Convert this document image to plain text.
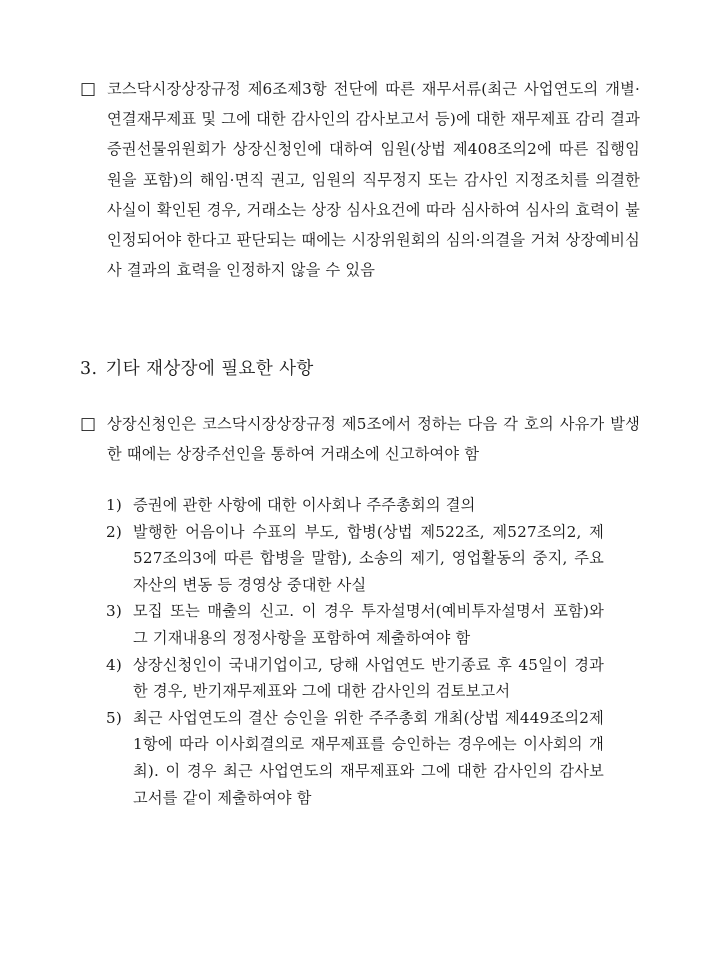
□ 코스닥시장상장규정 제6조제3항 전단에 따른 재무서류(최근 사업연도의 개별·연결재무제표 및 그에 대한 감사인의 감사보고서 등)에 대한 재무제표 감리 결과 증권선물위원회가 상장신청인에 대하여 임원(상법 제408조의2에 따른 집행임원을 포함)의 해임·면직 권고, 임원의 직무정지 또는 감사인 지정조치를 의결한 사실이 확인된 경우, 거래소는 상장 심사요건에 따라 심사하여 심사의 효력이 불인정되어야 한다고 판단되는 때에는 시장위원회의 심의·의결을 거쳐 상장예비심사 결과의 효력을 인정하지 않을 수 있음
3. 기타 재상장에 필요한 사항
□ 상장신청인은 코스닥시장상장규정 제5조에서 정하는 다음 각 호의 사유가 발생한 때에는 상장주선인을 통하여 거래소에 신고하여야 함
1) 증권에 관한 사항에 대한 이사회나 주주총회의 결의
2) 발행한 어음이나 수표의 부도, 합병(상법 제522조, 제527조의2, 제527조의3에 따른 합병을 말함), 소송의 제기, 영업활동의 중지, 주요자산의 변동 등 경영상 중대한 사실
3) 모집 또는 매출의 신고. 이 경우 투자설명서(예비투자설명서 포함)와 그 기재내용의 정정사항을 포함하여 제출하여야 함
4) 상장신청인이 국내기업이고, 당해 사업연도 반기종료 후 45일이 경과한 경우, 반기재무제표와 그에 대한 감사인의 검토보고서
5) 최근 사업연도의 결산 승인을 위한 주주총회 개최(상법 제449조의2제1항에 따라 이사회결의로 재무제표를 승인하는 경우에는 이사회의 개최). 이 경우 최근 사업연도의 재무제표와 그에 대한 감사인의 감사보고서를 같이 제출하여야 함
